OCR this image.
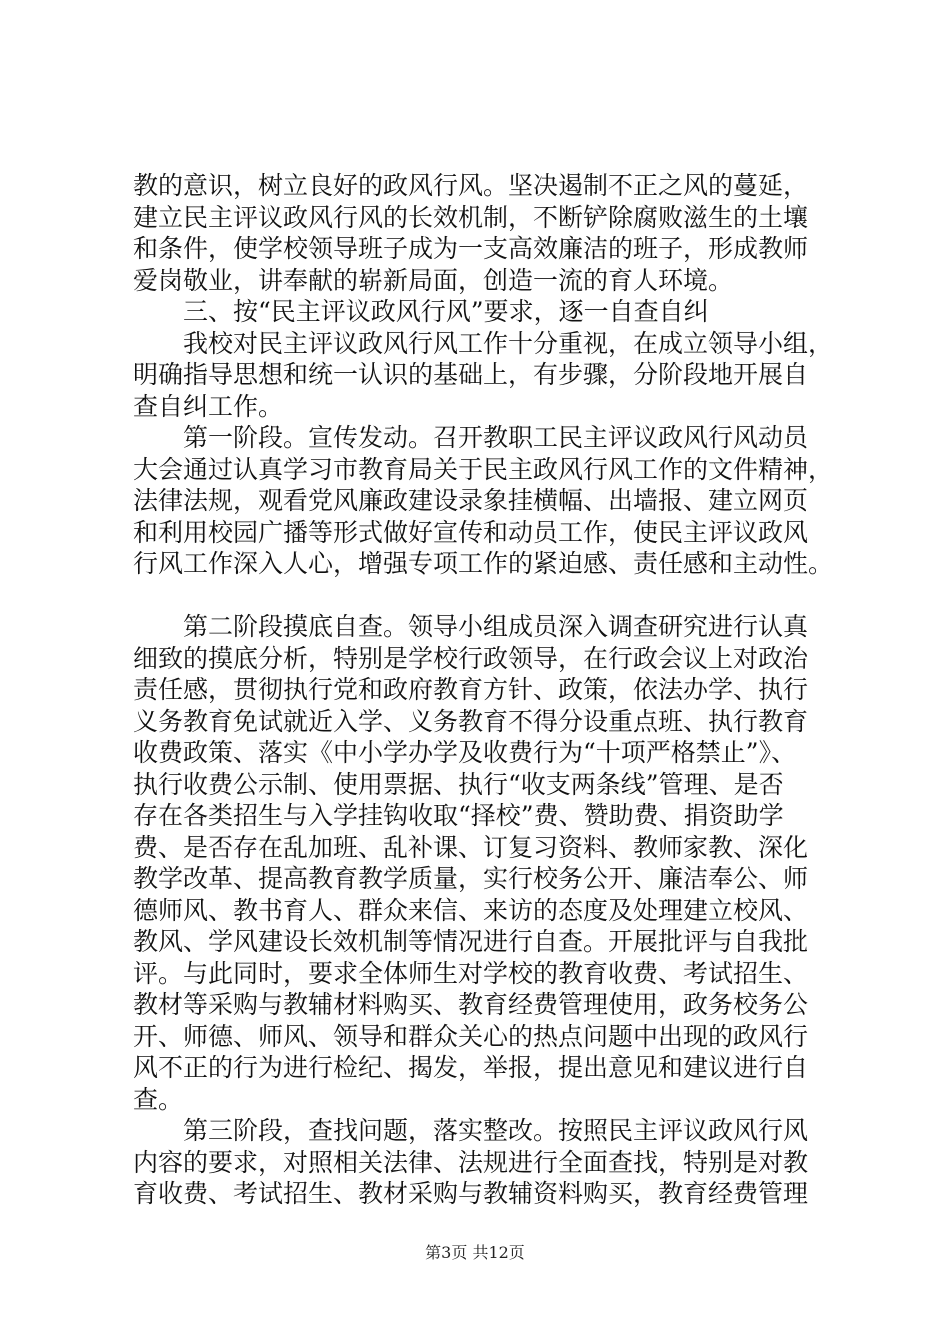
教的意识，树立良好的政风行风。坚决遏制不正之风的蔓延，
建立民主评议政风行风的长效机制，不断铲除腐败滋生的土壤
和条件，使学校领导班子成为一支高效廉洁的班子，形成教师
爱岗敬业，讲奉献的崭新局面，创造一流的育人环境。
三、按“民主评议政风行风”要求，逐一自查自纠
我校对民主评议政风行风工作十分重视，在成立领导小组，
明确指导思想和统一认识的基础上，有步骤，分阶段地开展自
查自纠工作。
第一阶段。宣传发动。召开教职工民主评议政风行风动员
大会通过认真学习市教育局关于民主政风行风工作的文件精神，
法律法规，观看党风廉政建设录象挂横幅、出墙报、建立网页
和利用校园广播等形式做好宣传和动员工作，使民主评议政风
行风工作深入人心，增强专项工作的紧迫感、责任感和主动性。
第二阶段摸底自查。领导小组成员深入调查研究进行认真
细致的摸底分析，特别是学校行政领导，在行政会议上对政治
责任感，贯彻执行党和政府教育方针、政策，依法办学、执行
义务教育免试就近入学、义务教育不得分设重点班、执行教育
收费政策、落实《中小学办学及收费行为“十项严格禁止”》、
执行收费公示制、使用票据、执行“收支两条线”管理、是否
存在各类招生与入学挂钩收取“择校”费、赞助费、捐资助学
费、是否存在乱加班、乱补课、订复习资料、教师家教、深化
教学改革、提高教育教学质量，实行校务公开、廉洁奉公、师
德师风、教书育人、群众来信、来访的态度及处理建立校风、
教风、学风建设长效机制等情况进行自查。开展批评与自我批
评。与此同时，要求全体师生对学校的教育收费、考试招生、
教材等采购与教辅材料购买、教育经费管理使用，政务校务公
开、师德、师风、领导和群众关心的热点问题中出现的政风行
风不正的行为进行检纪、揭发，举报，提出意见和建议进行自
查。
第三阶段，查找问题，落实整改。按照民主评议政风行风
内容的要求，对照相关法律、法规进行全面查找，特别是对教
育收费、考试招生、教材采购与教辅资料购买，教育经费管理
第3页 共12页
